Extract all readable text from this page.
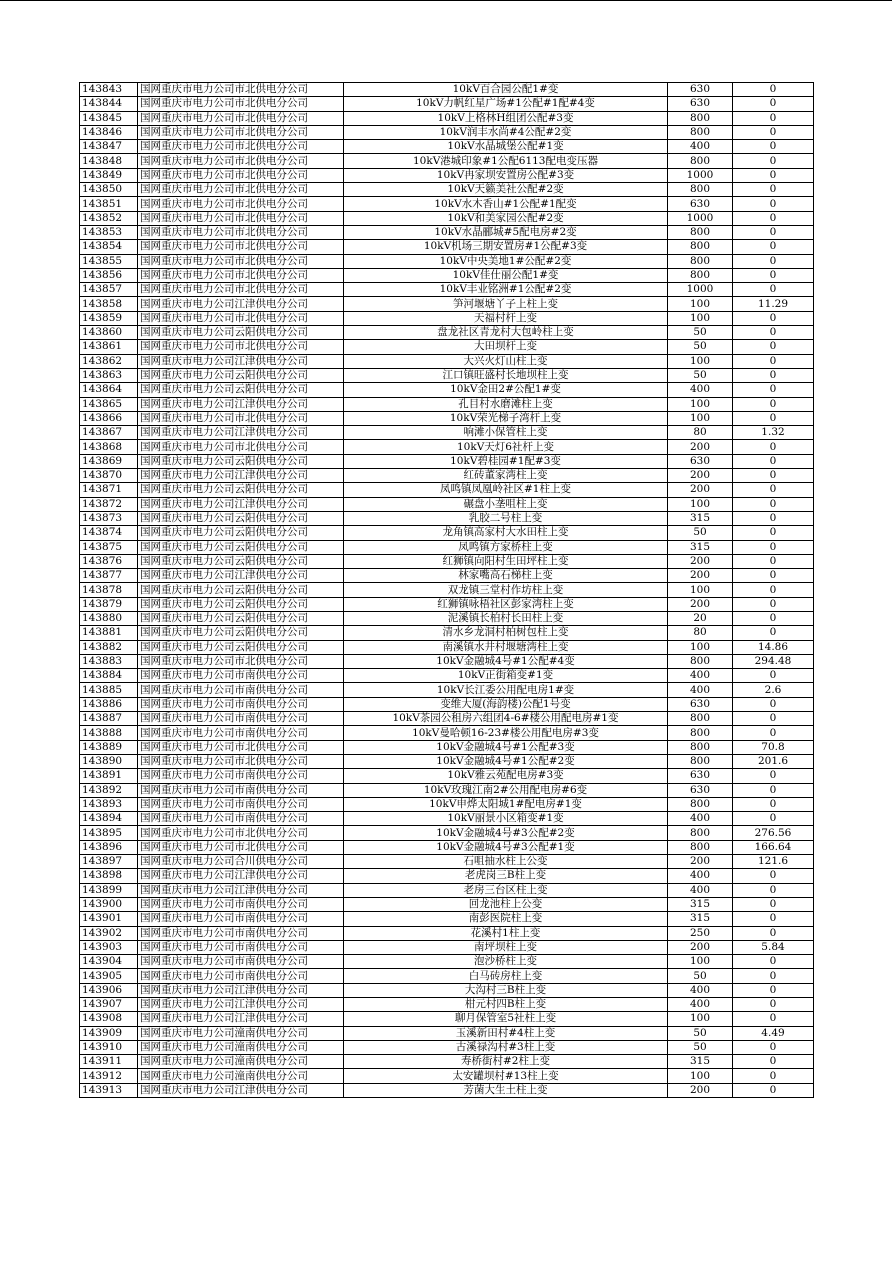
143843	国网重庆市电力公司市北供电分公司	10kV百合园公配1#变	630	0
143844	国网重庆市电力公司市北供电分公司	10kV力帆红星广场#1公配#1配#4变	630	0
143845	国网重庆市电力公司市北供电分公司	10kV上格林H组团公配#3变	800	0
143846	国网重庆市电力公司市北供电分公司	10kV润丰水尚#4公配#2变	800	0
143847	国网重庆市电力公司市北供电分公司	10kV水晶城堡公配#1变	400	0
143848	国网重庆市电力公司市北供电分公司	10kV港城印象#1公配6113配电变压器	800	0
143849	国网重庆市电力公司市北供电分公司	10kV冉家坝安置房公配#3变	1000	0
143850	国网重庆市电力公司市北供电分公司	10kV天籁美社公配#2变	800	0
143851	国网重庆市电力公司市北供电分公司	10kV水木香山#1公配#1配变	630	0
143852	国网重庆市电力公司市北供电分公司	10kV和美家园公配#2变	1000	0
143853	国网重庆市电力公司市北供电分公司	10kV水晶郦城#5配电房#2变	800	0
143854	国网重庆市电力公司市北供电分公司	10kV机场三期安置房#1公配#3变	800	0
143855	国网重庆市电力公司市北供电分公司	10kV中央美地1#公配#2变	800	0
143856	国网重庆市电力公司市北供电分公司	10kV佳仕丽公配1#变	800	0
143857	国网重庆市电力公司市北供电分公司	10kV丰业铭洲#1公配#2变	1000	0
143858	国网重庆市电力公司江津供电分公司	笋河堰塘丫子上柱上变	100	11.29
143859	国网重庆市电力公司市北供电分公司	天福村杆上变	100	0
143860	国网重庆市电力公司云阳供电分公司	盘龙社区青龙村大包岭柱上变	50	0
143861	国网重庆市电力公司市北供电分公司	大田坝杆上变	50	0
143862	国网重庆市电力公司江津供电分公司	大兴火灯山柱上变	100	0
143863	国网重庆市电力公司云阳供电分公司	江口镇旺盛村长地坝柱上变	50	0
143864	国网重庆市电力公司云阳供电分公司	10kV金田2#公配1#变	400	0
143865	国网重庆市电力公司江津供电分公司	孔目村水磨滩柱上变	100	0
143866	国网重庆市电力公司市北供电分公司	10kV荣光梯子湾杆上变	100	0
143867	国网重庆市电力公司江津供电分公司	响滩小保管柱上变	80	1.32
143868	国网重庆市电力公司市北供电分公司	10kV天灯6社杆上变	200	0
143869	国网重庆市电力公司云阳供电分公司	10kV碧桂园#1配#3变	630	0
143870	国网重庆市电力公司江津供电分公司	红砖董家湾柱上变	200	0
143871	国网重庆市电力公司云阳供电分公司	凤鸣镇凤凰岭社区#1柱上变	200	0
143872	国网重庆市电力公司江津供电分公司	碾盘小垄咀柱上变	100	0
143873	国网重庆市电力公司云阳供电分公司	乳胶二号柱上变	315	0
143874	国网重庆市电力公司云阳供电分公司	龙角镇高家村大水田柱上变	50	0
143875	国网重庆市电力公司云阳供电分公司	凤鸣镇方家桥柱上变	315	0
143876	国网重庆市电力公司云阳供电分公司	红狮镇向阳村生田坪柱上变	200	0
143877	国网重庆市电力公司江津供电分公司	林家嘴高石梯柱上变	200	0
143878	国网重庆市电力公司云阳供电分公司	双龙镇三堂村作坊柱上变	100	0
143879	国网重庆市电力公司云阳供电分公司	红狮镇咏梧社区彭家湾柱上变	200	0
143880	国网重庆市电力公司云阳供电分公司	泥溪镇长柏村长田柱上变	20	0
143881	国网重庆市电力公司云阳供电分公司	清水乡龙洞村柏树包柱上变	80	0
143882	国网重庆市电力公司云阳供电分公司	南溪镇水井村堰塘湾柱上变	100	14.86
143883	国网重庆市电力公司市北供电分公司	10kV金融城4号#1公配#4变	800	294.48
143884	国网重庆市电力公司市南供电分公司	10kV正街箱变#1变	400	0
143885	国网重庆市电力公司市南供电分公司	10kV长江委公用配电房1#变	400	2.6
143886	国网重庆市电力公司市南供电分公司	变维大厦(海韵楼)公配1号变	630	0
143887	国网重庆市电力公司市南供电分公司	10kV茶园公租房六组团4-6#楼公用配电房#1变	800	0
143888	国网重庆市电力公司市南供电分公司	10kV曼哈顿16-23#楼公用配电房#3变	800	0
143889	国网重庆市电力公司市北供电分公司	10kV金融城4号#1公配#3变	800	70.8
143890	国网重庆市电力公司市北供电分公司	10kV金融城4号#1公配#2变	800	201.6
143891	国网重庆市电力公司市南供电分公司	10kV雅云苑配电房#3变	630	0
143892	国网重庆市电力公司市南供电分公司	10kV玫瑰江南2#公用配电房#6变	630	0
143893	国网重庆市电力公司市南供电分公司	10kV申烨太阳城1#配电房#1变	800	0
143894	国网重庆市电力公司市南供电分公司	10kV丽景小区箱变#1变	400	0
143895	国网重庆市电力公司市北供电分公司	10kV金融城4号#3公配#2变	800	276.56
143896	国网重庆市电力公司市北供电分公司	10kV金融城4号#3公配#1变	800	166.64
143897	国网重庆市电力公司合川供电分公司	石咀抽水柱上公变	200	121.6
143898	国网重庆市电力公司江津供电分公司	老虎岗三B柱上变	400	0
143899	国网重庆市电力公司江津供电分公司	老房三台区柱上变	400	0
143900	国网重庆市电力公司市南供电分公司	回龙池柱上公变	315	0
143901	国网重庆市电力公司市南供电分公司	南彭医院柱上变	315	0
143902	国网重庆市电力公司市南供电分公司	花溪村1柱上变	250	0
143903	国网重庆市电力公司市南供电分公司	南坪坝柱上变	200	5.84
143904	国网重庆市电力公司市南供电分公司	泡沙桥柱上变	100	0
143905	国网重庆市电力公司市南供电分公司	白马砖房柱上变	50	0
143906	国网重庆市电力公司江津供电分公司	大沟村三B柱上变	400	0
143907	国网重庆市电力公司江津供电分公司	柑元村四B柱上变	400	0
143908	国网重庆市电力公司江津供电分公司	聊月保管室5社柱上变	100	0
143909	国网重庆市电力公司潼南供电分公司	玉溪新田村#4柱上变	50	4.49
143910	国网重庆市电力公司潼南供电分公司	古溪禄沟村#3柱上变	50	0
143911	国网重庆市电力公司潼南供电分公司	寿桥街村#2柱上变	315	0
143912	国网重庆市电力公司潼南供电分公司	太安罐坝村#13柱上变	100	0
143913	国网重庆市电力公司江津供电分公司	芳菌大生土柱上变	200	0
